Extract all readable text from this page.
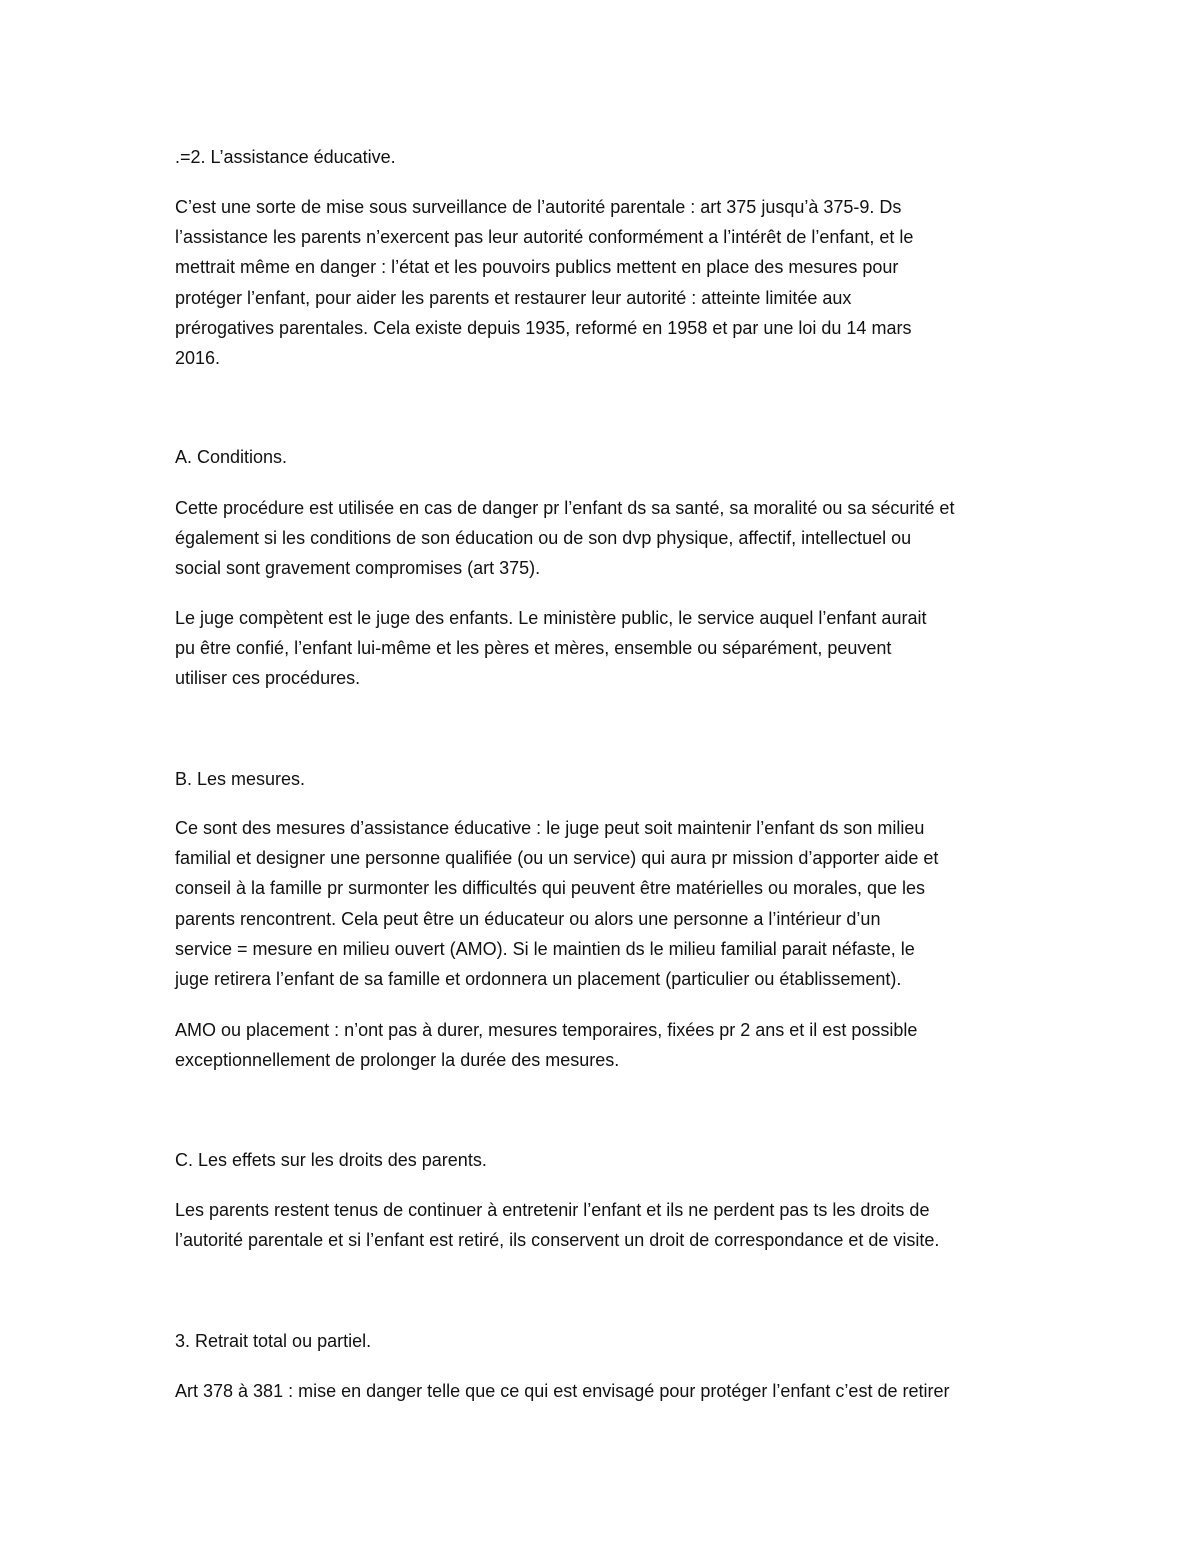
.=2. L’assistance éducative.

C’est une sorte de mise sous surveillance de l’autorité parentale : art 375 jusqu’à 375-9. Ds
l’assistance les parents n’exercent pas leur autorité conformément a l’intérêt de l’enfant, et le
mettrait même en danger : l’état et les pouvoirs publics mettent en place des mesures pour
protéger l’enfant, pour aider les parents et restaurer leur autorité : atteinte limitée aux
prérogatives parentales. Cela existe depuis 1935, reformé en 1958 et par une loi du 14 mars
2016.

A. Conditions.

Cette procédure est utilisée en cas de danger pr l’enfant ds sa santé, sa moralité ou sa sécurité et
également si les conditions de son éducation ou de son dvp physique, affectif, intellectuel ou
social sont gravement compromises (art 375).

Le juge compètent est le juge des enfants. Le ministère public, le service auquel l’enfant aurait
pu être confié, l’enfant lui-même et les pères et mères, ensemble ou séparément, peuvent
utiliser ces procédures.

B. Les mesures.

Ce sont des mesures d’assistance éducative : le juge peut soit maintenir l’enfant ds son milieu
familial et designer une personne qualifiée (ou un service) qui aura pr mission d’apporter aide et
conseil à la famille pr surmonter les difficultés qui peuvent être matérielles ou morales, que les
parents rencontrent. Cela peut être un éducateur ou alors une personne a l’intérieur d’un
service = mesure en milieu ouvert (AMO). Si le maintien ds le milieu familial parait néfaste, le
juge retirera l’enfant de sa famille et ordonnera un placement (particulier ou établissement).

AMO ou placement : n’ont pas à durer, mesures temporaires, fixées pr 2 ans et il est possible
exceptionnellement de prolonger la durée des mesures.

C. Les effets sur les droits des parents.

Les parents restent tenus de continuer à entretenir l’enfant et ils ne perdent pas ts les droits de
l’autorité parentale et si l’enfant est retiré, ils conservent un droit de correspondance et de visite.

3. Retrait total ou partiel.

Art 378 à 381 : mise en danger telle que ce qui est envisagé pour protéger l’enfant c’est de retirer
